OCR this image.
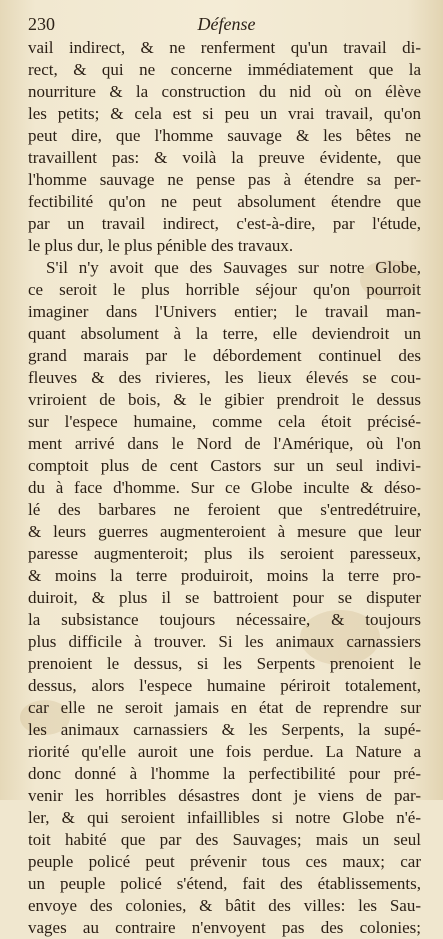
230	Défense
vail indirect, & ne renferment qu'un travail di-
rect, & qui ne concerne immédiatement que la
nourriture & la construction du nid où on élève
les petits; & cela est si peu un vrai travail, qu'on
peut dire, que l'homme sauvage & les bêtes ne
travaillent pas: & voilà la preuve évidente, que
l'homme sauvage ne pense pas à étendre sa per-
fectibilité qu'on ne peut absolument étendre que
par un travail indirect, c'est-à-dire, par l'étude,
le plus dur, le plus pénible des travaux.
S'il n'y avoit que des Sauvages sur notre Globe,
ce seroit le plus horrible séjour qu'on pourroit
imaginer dans l'Univers entier; le travail man-
quant absolument à la terre, elle deviendroit un
grand marais par le débordement continuel des
fleuves & des rivieres, les lieux élevés se cou-
vriroient de bois, & le gibier prendroit le dessus
sur l'espece humaine, comme cela étoit précisé-
ment arrivé dans le Nord de l'Amérique, où l'on
comptoit plus de cent Castors sur un seul indivi-
du à face d'homme. Sur ce Globe inculte & déso-
lé des barbares ne feroient que s'entredétruire,
& leurs guerres augmenteroient à mesure que leur
paresse augmenteroit; plus ils seroient paresseux,
& moins la terre produiroit, moins la terre pro-
duiroit, & plus il se battroient pour se disputer
la subsistance toujours nécessaire, & toujours
plus difficile à trouver. Si les animaux carnassiers
prenoient le dessus, si les Serpents prenoient le
dessus, alors l'espece humaine périroit totalement,
car elle ne seroit jamais en état de reprendre sur
les animaux carnassiers & les Serpents, la supé-
riorité qu'elle auroit une fois perdue. La Nature a
donc donné à l'homme la perfectibilité pour pré-
venir les horribles désastres dont je viens de par-
ler, & qui seroient infaillibles si notre Globe n'é-
toit habité que par des Sauvages; mais un seul
peuple policé peut prévenir tous ces maux; car
un peuple policé s'étend, fait des établissements,
envoye des colonies, & bâtit des villes: les Sau-
vages au contraire n'envoyent pas des colonies;
